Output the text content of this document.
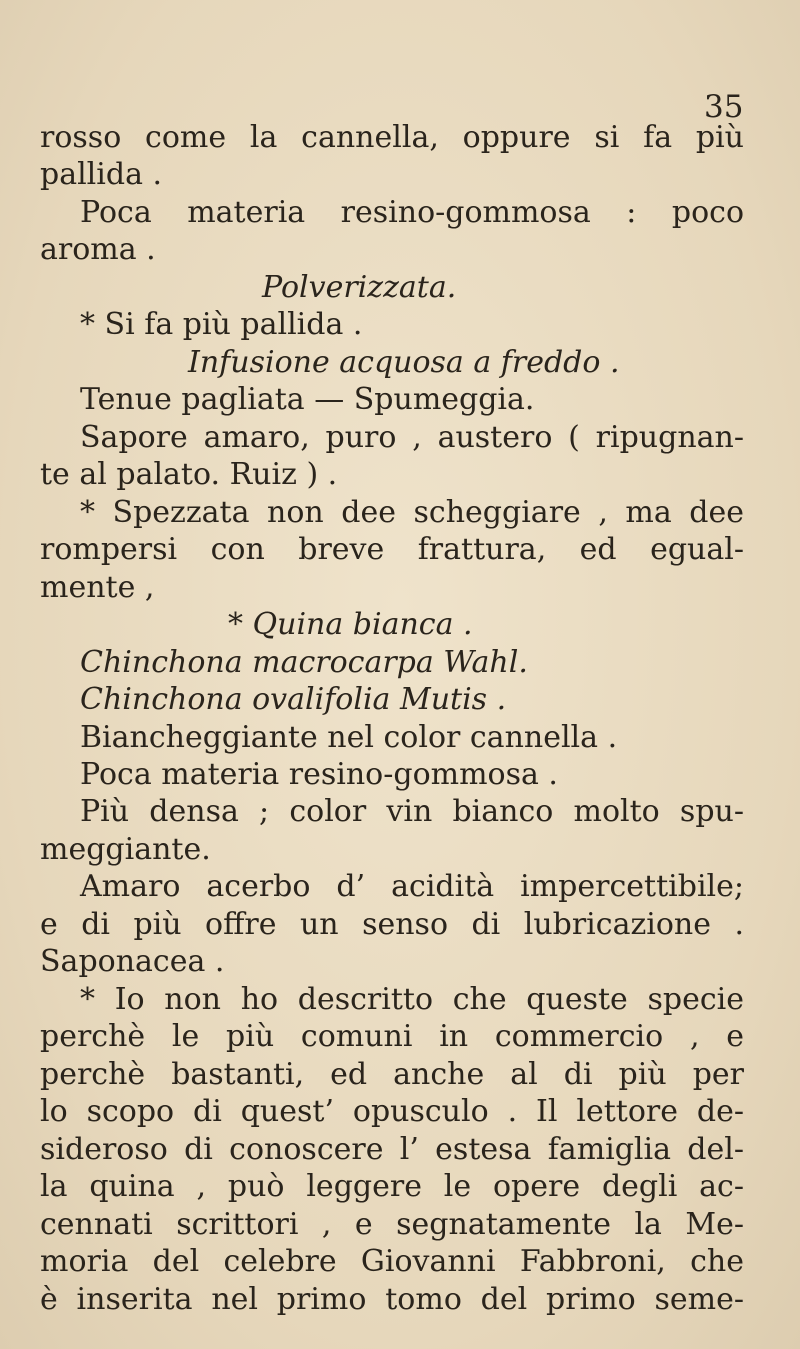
35
rosso come la cannella, oppure si fa più
pallida .
Poca materia resino-gommosa : poco
aroma .
Polverizzata.
* Si fa più pallida .
Infusione acquosa a freddo .
Tenue pagliata — Spumeggia.
Sapore amaro, puro , austero ( ripugnan-
te al palato. Ruiz ) .
* Spezzata non dee scheggiare , ma dee
rompersi con breve frattura, ed egual-
mente ,
* Quina bianca .
Chinchona macrocarpa Wahl.
Chinchona ovalifolia Mutis .
Biancheggiante nel color cannella .
Poca materia resino-gommosa .
Più densa ; color vin bianco molto spu-
meggiante.
Amaro acerbo d’ acidità impercettibile;
e di più offre un senso di lubricazione .
Saponacea .
* Io non ho descritto che queste specie
perchè le più comuni in commercio , e
perchè bastanti, ed anche al di più per
lo scopo di quest’ opusculo . Il lettore de-
sideroso di conoscere l’ estesa famiglia del-
la quina , può leggere le opere degli ac-
cennati scrittori , e segnatamente la Me-
moria del celebre Giovanni Fabbroni, che
è inserita nel primo tomo del primo seme-
